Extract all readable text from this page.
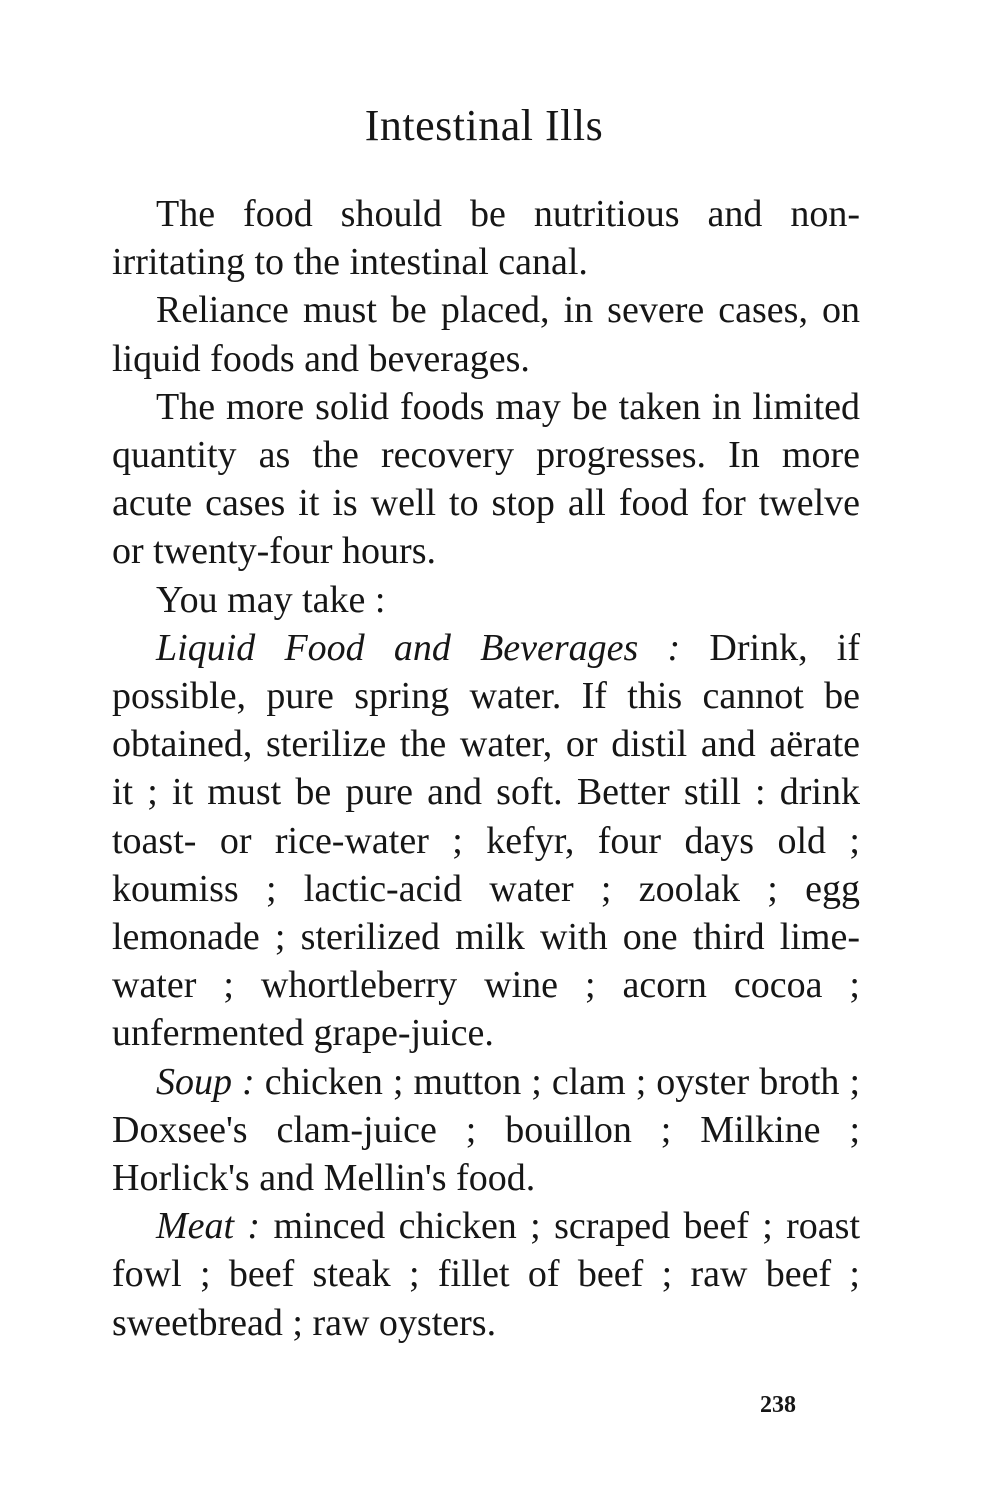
Intestinal Ills

The food should be nutritious and non-irritating to the intestinal canal.

Reliance must be placed, in severe cases, on liquid foods and beverages.

The more solid foods may be taken in limited quantity as the recovery progresses. In more acute cases it is well to stop all food for twelve or twenty-four hours.

You may take :

Liquid Food and Beverages : Drink, if possible, pure spring water. If this cannot be obtained, sterilize the water, or distil and aërate it ; it must be pure and soft. Better still : drink toast- or rice-water ; kefyr, four days old ; koumiss ; lactic-acid water ; zoolak ; egg lemonade ; sterilized milk with one third lime-water ; whortleberry wine ; acorn cocoa ; unfermented grape-juice.

Soup : chicken ; mutton ; clam ; oyster broth ; Doxsee's clam-juice ; bouillon ; Milkine ; Horlick's and Mellin's food.

Meat : minced chicken ; scraped beef ; roast fowl ; beef steak ; fillet of beef ; raw beef ; sweetbread ; raw oysters.

238
